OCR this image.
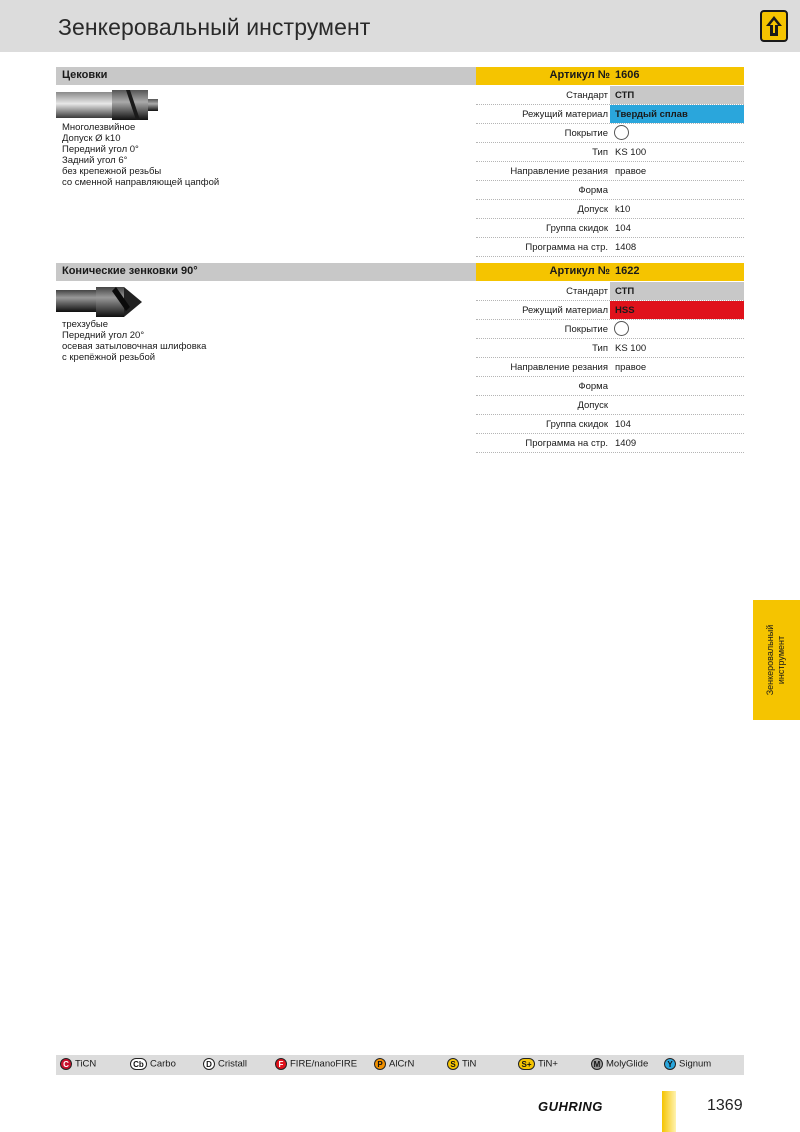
Зенкеровальный инструмент
Цековки	Артикул № 1606
Многолезвийное
Допуск Ø k10
Передний угол 0°
Задний угол 6°
без крепежной резьбы
со сменной направляющей цапфой
Стандарт СТП
Режущий материал Твердый сплав
Покрытие
Тип KS 100
Направление резания правое
Форма
Допуск k10
Группа скидок 104
Программа на стр. 1408
Конические зенковки 90°	Артикул № 1622
трехзубые
Передний угол 20°
осевая затыловочная шлифовка
с крепёжной резьбой
Стандарт СТП
Режущий материал HSS
Покрытие
Тип KS 100
Направление резания правое
Форма
Допуск
Группа скидок 104
Программа на стр. 1409
Зенкеровальный инструмент
C TiCN	Cb Carbo	D Cristall	F FIRE/nanoFIRE	P AlCrN	S TiN	S+ TiN+	M MolyGlide	Y Signum
GUHRING	1369
